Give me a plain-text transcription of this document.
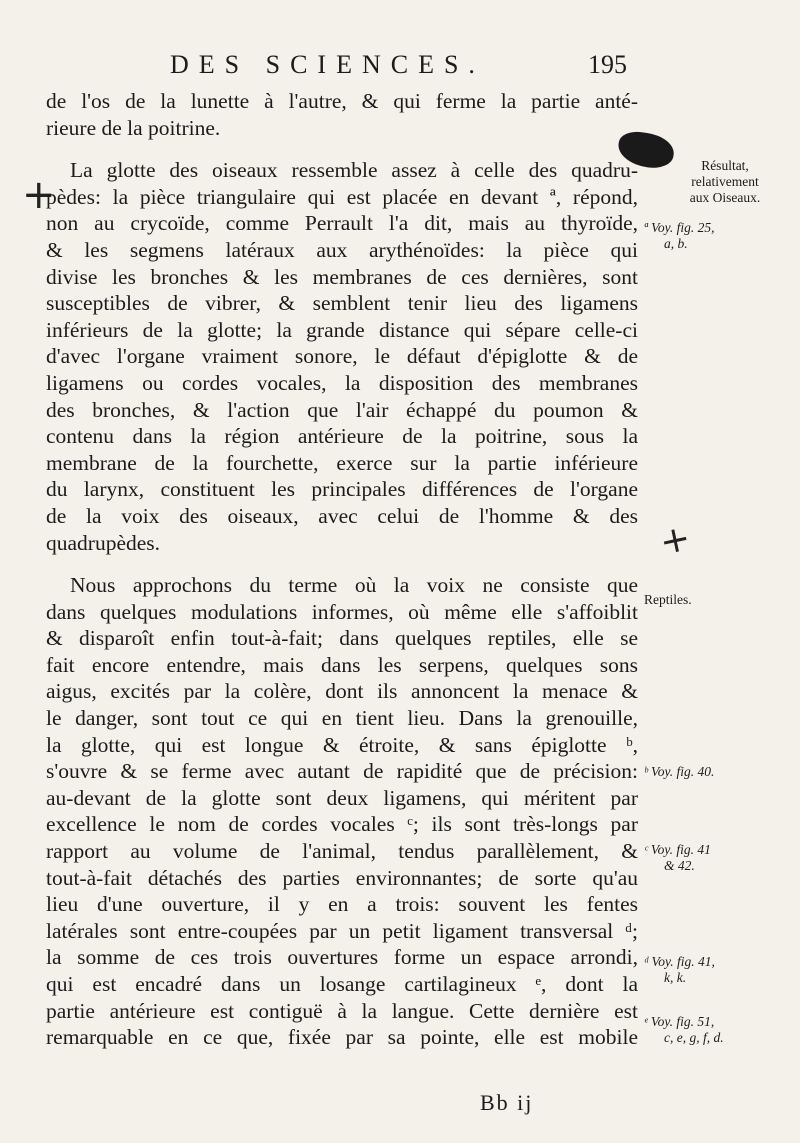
DES SCIENCES.	195
+
+
de l'os de la lunette à l'autre, & qui ferme la partie anté-
rieure de la poitrine.
La glotte des oiseaux ressemble assez à celle des quadru-
pèdes: la pièce triangulaire qui est placée en devant ª, répond,
non au crycoïde, comme Perrault l'a dit, mais au thyroïde,
& les segmens latéraux aux arythénoïdes: la pièce qui
divise les bronches & les membranes de ces dernières, sont
susceptibles de vibrer, & semblent tenir lieu des ligamens
inférieurs de la glotte; la grande distance qui sépare celle-ci
d'avec l'organe vraiment sonore, le défaut d'épiglotte & de
ligamens ou cordes vocales, la disposition des membranes
des bronches, & l'action que l'air échappé du poumon &
contenu dans la région antérieure de la poitrine, sous la
membrane de la fourchette, exerce sur la partie inférieure
du larynx, constituent les principales différences de l'organe
de la voix des oiseaux, avec celui de l'homme & des
quadrupèdes.
Nous approchons du terme où la voix ne consiste que
dans quelques modulations informes, où même elle s'affoiblit
& disparoît enfin tout-à-fait; dans quelques reptiles, elle se
fait encore entendre, mais dans les serpens, quelques sons
aigus, excités par la colère, dont ils annoncent la menace &
le danger, sont tout ce qui en tient lieu. Dans la grenouille,
la glotte, qui est longue & étroite, & sans épiglotte ᵇ,
s'ouvre & se ferme avec autant de rapidité que de précision:
au-devant de la glotte sont deux ligamens, qui méritent par
excellence le nom de cordes vocales ᶜ; ils sont très-longs par
rapport au volume de l'animal, tendus parallèlement, &
tout-à-fait détachés des parties environnantes; de sorte qu'au
lieu d'une ouverture, il y en a trois: souvent les fentes
latérales sont entre-coupées par un petit ligament transversal ᵈ;
la somme de ces trois ouvertures forme un espace arrondi,
qui est encadré dans un losange cartilagineux ᵉ, dont la
partie antérieure est contiguë à la langue. Cette dernière est
remarquable en ce que, fixée par sa pointe, elle est mobile
Résultat,
relativement
aux Oiseaux.
ª Voy. fig. 25,
a, b.
Reptiles.
ᵇ Voy. fig. 40.
ᶜ Voy. fig. 41
& 42.
ᵈ Voy. fig. 41,
k, k.
ᵉ Voy. fig. 51,
c, e, g, f, d.
Bb ij
